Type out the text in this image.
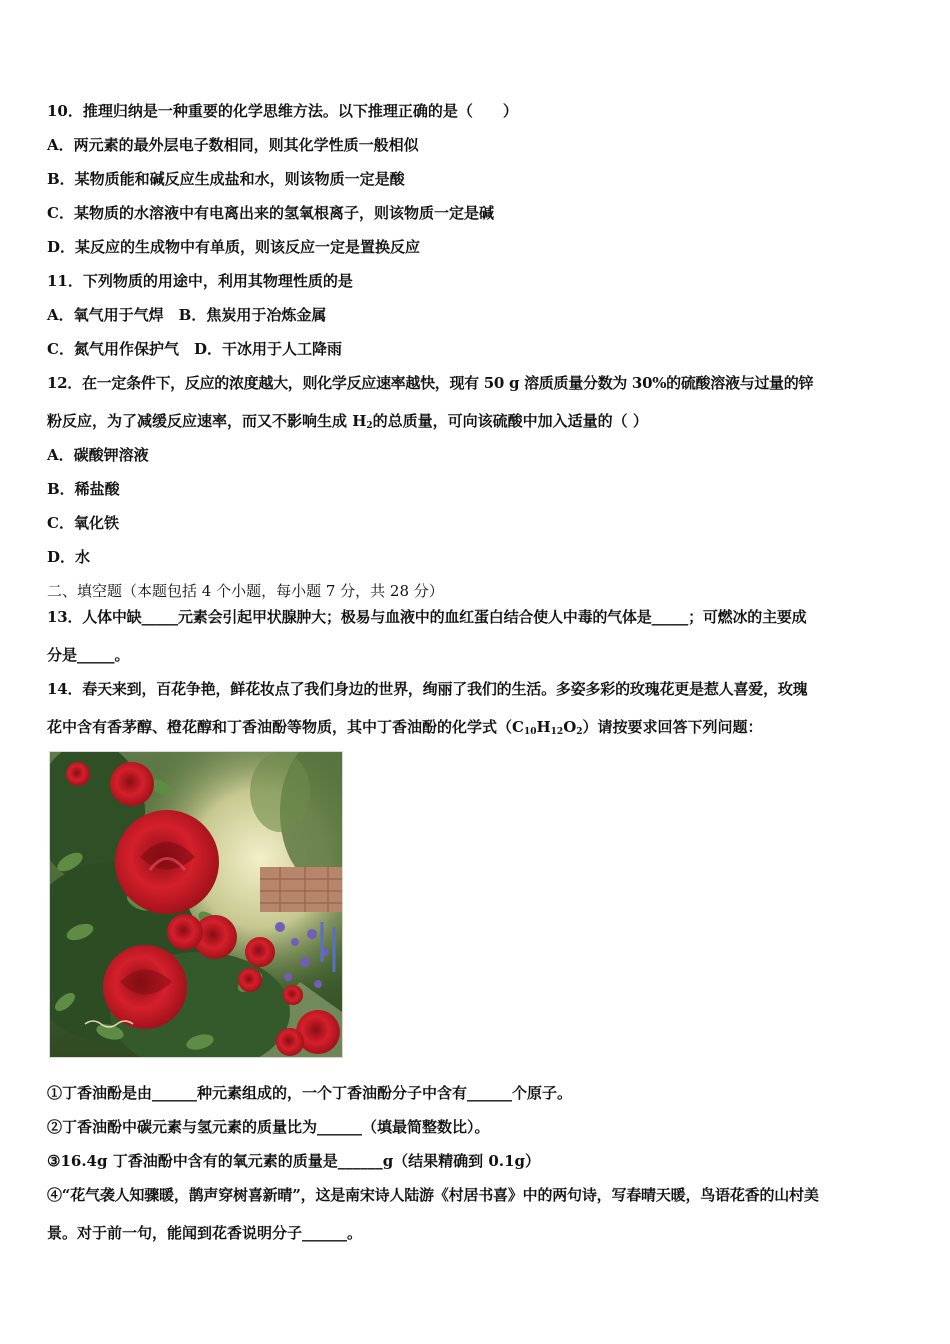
10．推理归纳是一种重要的化学思维方法。以下推理正确的是（　　）
A．两元素的最外层电子数相同，则其化学性质一般相似
B．某物质能和碱反应生成盐和水，则该物质一定是酸
C．某物质的水溶液中有电离出来的氢氧根离子，则该物质一定是碱
D．某反应的生成物中有单质，则该反应一定是置换反应
11．下列物质的用途中，利用其物理性质的是
A．氧气用于气焊　B．焦炭用于冶炼金属
C．氮气用作保护气　D．干冰用于人工降雨
12．在一定条件下，反应的浓度越大，则化学反应速率越快，现有 50 g 溶质质量分数为 30%的硫酸溶液与过量的锌
粉反应，为了减缓反应速率，而又不影响生成 $H_2$的总质量，可向该硫酸中加入适量的（ ）
A．碳酸钾溶液
B．稀盐酸
C．氧化铁
D．水
二、填空题（本题包括 4 个小题，每小题 7 分，共 28 分）
13．人体中缺_____元素会引起甲状腺肿大；极易与血液中的血红蛋白结合使人中毒的气体是_____；可燃冰的主要成
分是_____。
14．春天来到，百花争艳，鲜花妆点了我们身边的世界，绚丽了我们的生活。多姿多彩的玫瑰花更是惹人喜爱，玫瑰
花中含有香茅醇、橙花醇和丁香油酚等物质，其中丁香油酚的化学式$(C_{10}H_{12}O_2)$请按要求回答下列问题：
①丁香油酚是由______种元素组成的，一个丁香油酚分子中含有______个原子。
②丁香油酚中碳元素与氢元素的质量比为______（填最简整数比）。
③16.4g 丁香油酚中含有的氧元素的质量是______g（结果精确到 0.1g）
④“花气袭人知骤暖，鹊声穿树喜新晴”，这是南宋诗人陆游《村居书喜》中的两句诗，写春晴天暖，鸟语花香的山村美
景。对于前一句，能闻到花香说明分子______。
